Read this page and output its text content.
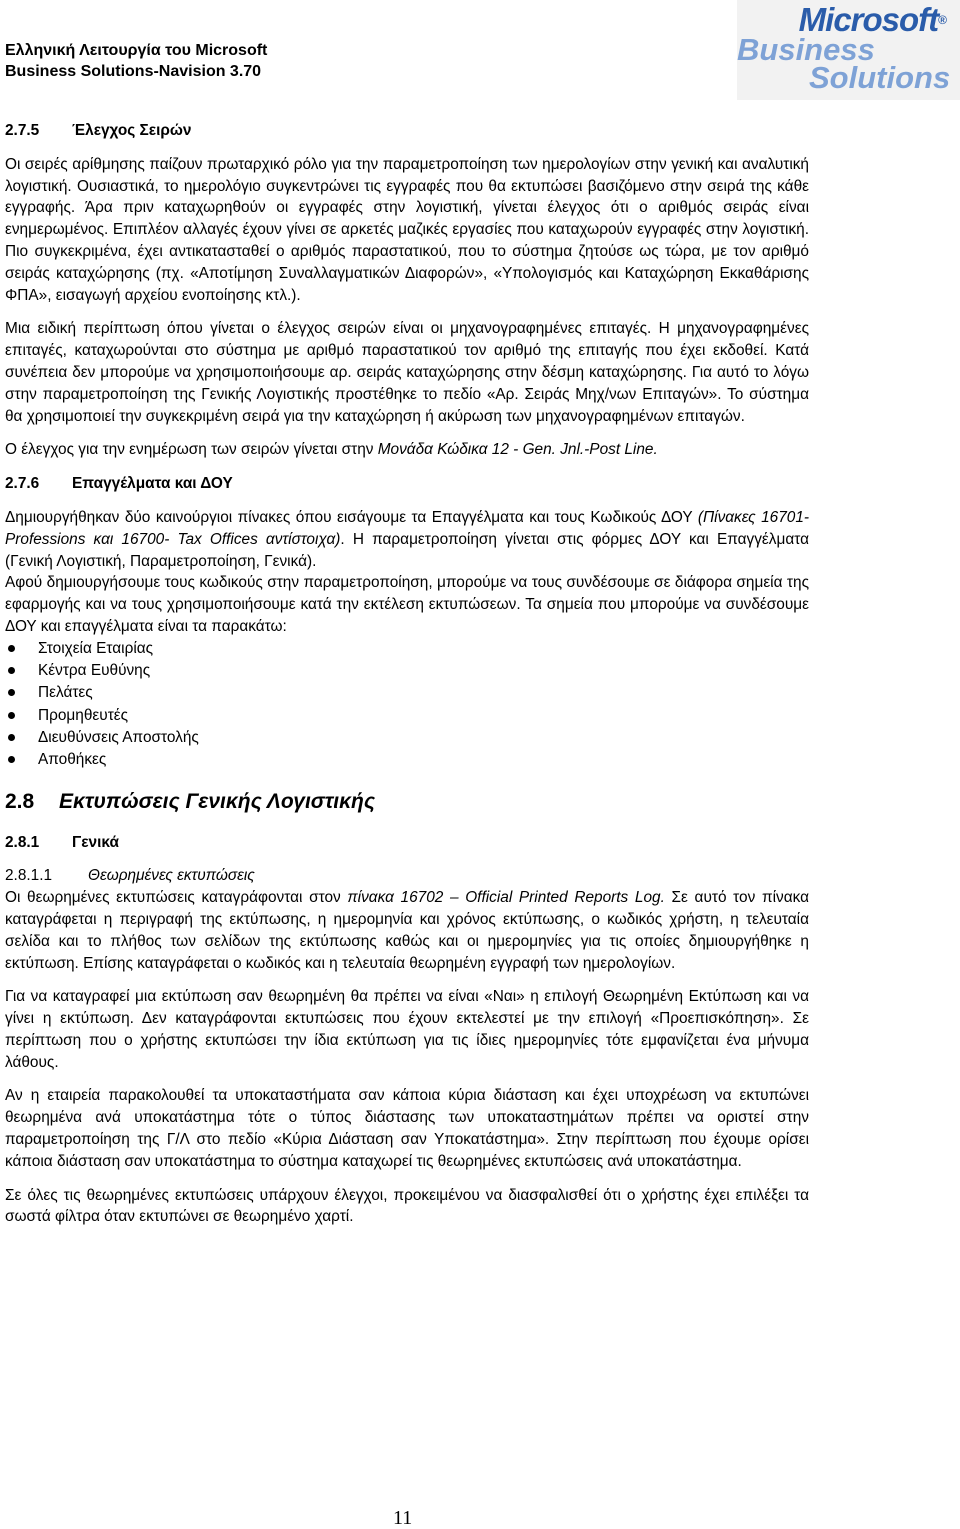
Ελληνική Λειτουργία του Microsoft
Business Solutions-Navision 3.70
Microsoft®
Business
Solutions
2.7.5 Έλεγχος Σειρών

Οι σειρές αρίθμησης παίζουν πρωταρχικό ρόλο για την παραμετροποίηση των ημερολογίων στην γενική και αναλυτική λογιστική. Ουσιαστικά, το ημερολόγιο συγκεντρώνει τις εγγραφές που θα εκτυπώσει βασιζόμενο στην σειρά της κάθε εγγραφής. Άρα πριν καταχωρηθούν οι εγγραφές στην λογιστική, γίνεται έλεγχος ότι ο αριθμός σειράς είναι ενημερωμένος. Επιπλέον αλλαγές έχουν γίνει σε αρκετές μαζικές εργασίες που καταχωρούν εγγραφές στην λογιστική. Πιο συγκεκριμένα, έχει αντικατασταθεί ο αριθμός παραστατικού, που το σύστημα ζητούσε ως τώρα, με τον αριθμό σειράς καταχώρησης (πχ. «Αποτίμηση Συναλλαγματικών Διαφορών», «Υπολογισμός και Καταχώρηση Εκκαθάρισης ΦΠΑ», εισαγωγή αρχείου ενοποίησης κτλ.).

Μια ειδική περίπτωση όπου γίνεται ο έλεγχος σειρών είναι οι μηχανογραφημένες επιταγές. Η μηχανογραφημένες επιταγές, καταχωρούνται στο σύστημα με αριθμό παραστατικού τον αριθμό της επιταγής που έχει εκδοθεί. Κατά συνέπεια δεν μπορούμε να χρησιμοποιήσουμε αρ. σειράς καταχώρησης στην δέσμη καταχώρησης. Για αυτό το λόγω στην παραμετροποίηση της Γενικής Λογιστικής προστέθηκε το πεδίο «Αρ. Σειράς Μηχ/νων Επιταγών». Το σύστημα θα χρησιμοποιεί την συγκεκριμένη σειρά για την καταχώρηση ή ακύρωση των μηχανογραφημένων επιταγών.

Ο έλεγχος για την ενημέρωση των σειρών γίνεται στην Μονάδα Κώδικα 12 - Gen. Jnl.-Post Line.

2.7.6 Επαγγέλματα και ΔΟΥ

Δημιουργήθηκαν δύο καινούργιοι πίνακες όπου εισάγουμε τα Επαγγέλματα και τους Κωδικούς ΔΟΥ (Πίνακες 16701- Professions και 16700- Tax Offices αντίστοιχα). Η παραμετροποίηση γίνεται στις φόρμες ΔΟΥ και Επαγγέλματα (Γενική Λογιστική, Παραμετροποίηση, Γενικά).

Αφού δημιουργήσουμε τους κωδικούς στην παραμετροποίηση, μπορούμε να τους συνδέσουμε σε διάφορα σημεία της εφαρμογής και να τους χρησιμοποιήσουμε κατά την εκτέλεση εκτυπώσεων. Τα σημεία που μπορούμε να συνδέσουμε ΔΟΥ και επαγγέλματα είναι τα παρακάτω:

Στοιχεία Εταιρίας
Κέντρα Ευθύνης
Πελάτες
Προμηθευτές
Διευθύνσεις Αποστολής
Αποθήκες
2.8 Εκτυπώσεις Γενικής Λογιστικής
2.8.1 Γενικά
2.8.1.1 Θεωρημένες εκτυπώσεις

Οι θεωρημένες εκτυπώσεις καταγράφονται στον πίνακα 16702 – Official Printed Reports Log. Σε αυτό τον πίνακα καταγράφεται η περιγραφή της εκτύπωσης, η ημερομηνία και χρόνος εκτύπωσης, ο κωδικός χρήστη, η τελευταία σελίδα και το πλήθος των σελίδων της εκτύπωσης καθώς και οι ημερομηνίες για τις οποίες δημιουργήθηκε η εκτύπωση. Επίσης καταγράφεται ο κωδικός και η τελευταία θεωρημένη εγγραφή των ημερολογίων.

Για να καταγραφεί μια εκτύπωση σαν θεωρημένη θα πρέπει να είναι «Ναι» η επιλογή Θεωρημένη Εκτύπωση και να γίνει η εκτύπωση. Δεν καταγράφονται εκτυπώσεις που έχουν εκτελεστεί με την επιλογή «Προεπισκόπηση». Σε περίπτωση που ο χρήστης εκτυπώσει την ίδια εκτύπωση για τις ίδιες ημερομηνίες τότε εμφανίζεται ένα μήνυμα λάθους.

Αν η εταιρεία παρακολουθεί τα υποκαταστήματα σαν κάποια κύρια διάσταση και έχει υποχρέωση να εκτυπώνει θεωρημένα ανά υποκατάστημα τότε ο τύπος διάστασης των υποκαταστημάτων πρέπει να οριστεί στην παραμετροποίηση της Γ/Λ στο πεδίο «Κύρια Διάσταση σαν Υποκατάστημα». Στην περίπτωση που έχουμε ορίσει κάποια διάσταση σαν υποκατάστημα το σύστημα καταχωρεί τις θεωρημένες εκτυπώσεις ανά υποκατάστημα.

Σε όλες τις θεωρημένες εκτυπώσεις υπάρχουν έλεγχοι, προκειμένου να διασφαλισθεί ότι ο χρήστης έχει επιλέξει τα σωστά φίλτρα όταν εκτυπώνει σε θεωρημένο χαρτί.

11
